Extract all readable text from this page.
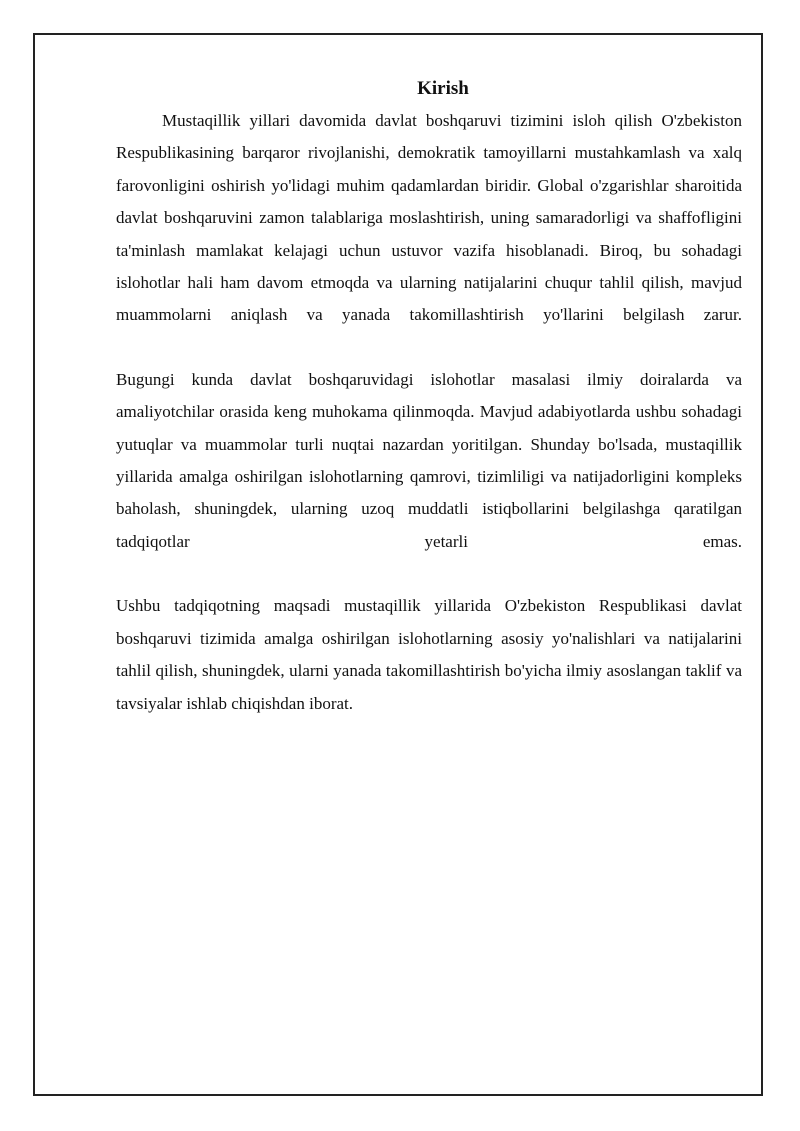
Kirish

Mustaqillik yillari davomida davlat boshqaruvi tizimini isloh qilish O'zbekiston Respublikasining barqaror rivojlanishi, demokratik tamoyillarni mustahkamlash va xalq farovonligini oshirish yo'lidagi muhim qadamlardan biridir. Global o'zgarishlar sharoitida davlat boshqaruvini zamon talablariga moslashtirish, uning samaradorligi va shaffofligini ta'minlash mamlakat kelajagi uchun ustuvor vazifa hisoblanadi. Biroq, bu sohadagi islohotlar hali ham davom etmoqda va ularning natijalarini chuqur tahlil qilish, mavjud muammolarni aniqlash va yanada takomillashtirish yo'llarini belgilash zarur.

Bugungi kunda davlat boshqaruvidagi islohotlar masalasi ilmiy doiralarda va amaliyotchilar orasida keng muhokama qilinmoqda. Mavjud adabiyotlarda ushbu sohadagi yutuqlar va muammolar turli nuqtai nazardan yoritilgan. Shunday bo'lsada, mustaqillik yillarida amalga oshirilgan islohotlarning qamrovi, tizimliligi va natijadorligini kompleks baholash, shuningdek, ularning uzoq muddatli istiqbollarini belgilashga qaratilgan tadqiqotlar yetarli emas.

Ushbu tadqiqotning maqsadi mustaqillik yillarida O'zbekiston Respublikasi davlat boshqaruvi tizimida amalga oshirilgan islohotlarning asosiy yo'nalishlari va natijalarini tahlil qilish, shuningdek, ularni yanada takomillashtirish bo'yicha ilmiy asoslangan taklif va tavsiyalar ishlab chiqishdan iborat.
